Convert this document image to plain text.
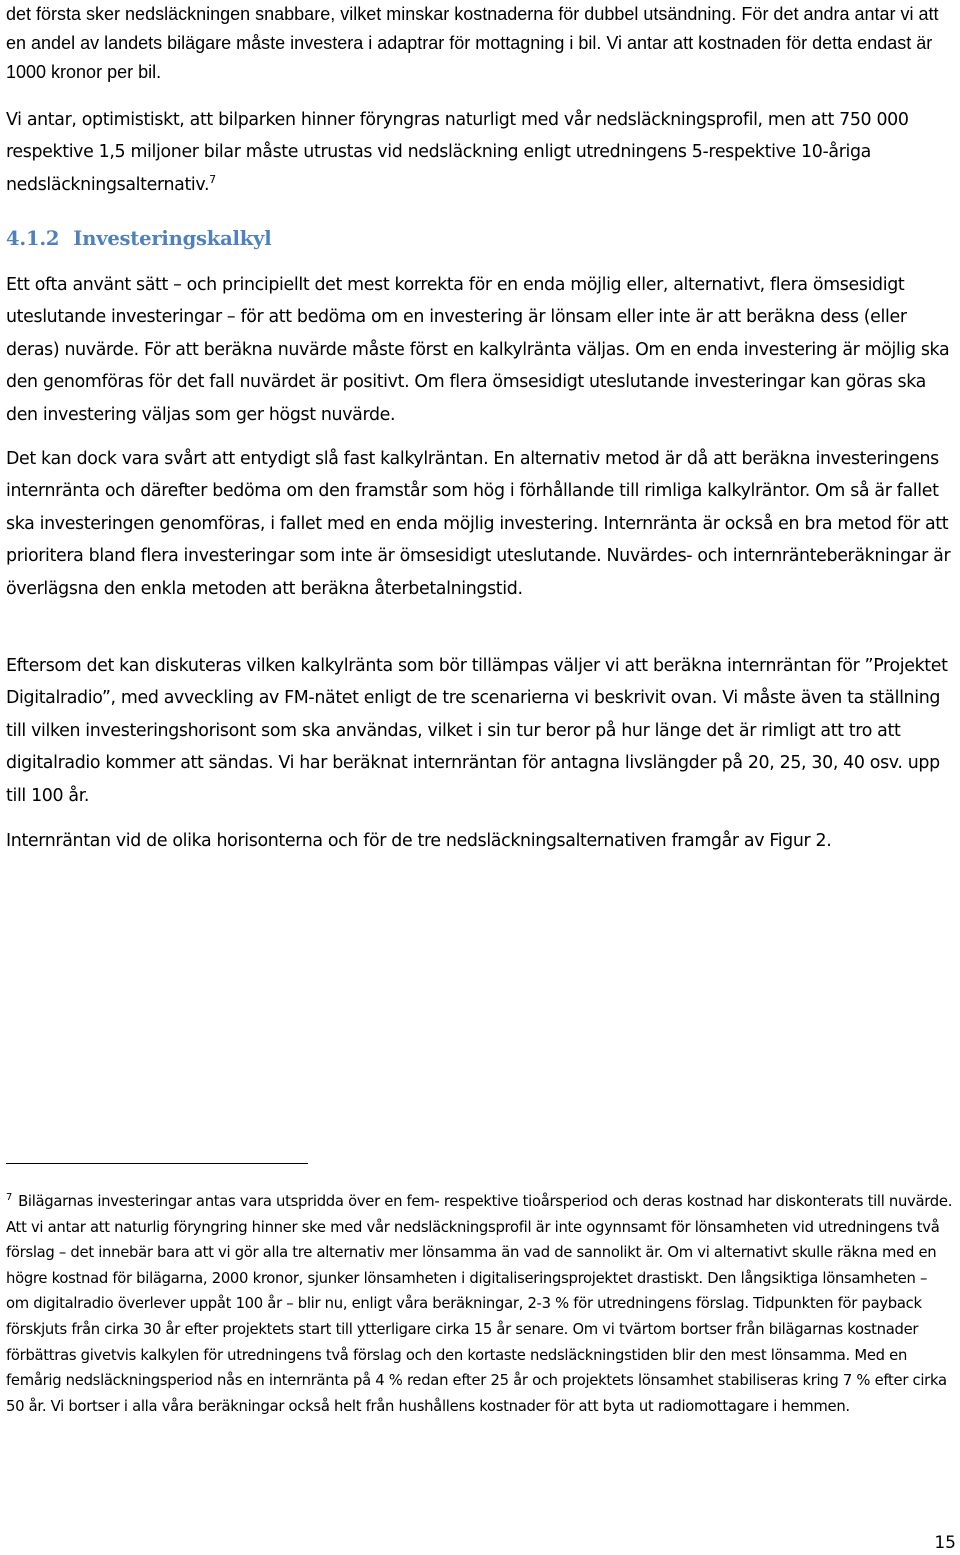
det första sker nedsläckningen snabbare, vilket minskar kostnaderna för dubbel utsändning. För det andra antar vi att en andel av landets bilägare måste investera i adaptrar för mottagning i bil. Vi antar att kostnaden för detta endast är 1000 kronor per bil.

Vi antar, optimistiskt, att bilparken hinner föryngras naturligt med vår nedsläckningsprofil, men att 750 000 respektive 1,5 miljoner bilar måste utrustas vid nedsläckning enligt utredningens 5-respektive 10-åriga nedsläckningsalternativ.$^7$

4.1.2 Investeringskalkyl

Ett ofta använt sätt – och principiellt det mest korrekta för en enda möjlig eller, alternativt, flera ömsesidigt uteslutande investeringar – för att bedöma om en investering är lönsam eller inte är att beräkna dess (eller deras) nuvärde. För att beräkna nuvärde måste först en kalkylränta väljas. Om en enda investering är möjlig ska den genomföras för det fall nuvärdet är positivt. Om flera ömsesidigt uteslutande investeringar kan göras ska den investering väljas som ger högst nuvärde.

Det kan dock vara svårt att entydigt slå fast kalkylräntan. En alternativ metod är då att beräkna investeringens internränta och därefter bedöma om den framstår som hög i förhållande till rimliga kalkylräntor. Om så är fallet ska investeringen genomföras, i fallet med en enda möjlig investering. Internränta är också en bra metod för att prioritera bland flera investeringar som inte är ömsesidigt uteslutande. Nuvärdes- och internränteberäkningar är överlägsna den enkla metoden att beräkna återbetalningstid.

Eftersom det kan diskuteras vilken kalkylränta som bör tillämpas väljer vi att beräkna internräntan för ”Projektet Digitalradio”, med avveckling av FM-nätet enligt de tre scenarierna vi beskrivit ovan. Vi måste även ta ställning till vilken investeringshorisont som ska användas, vilket i sin tur beror på hur länge det är rimligt att tro att digitalradio kommer att sändas. Vi har beräknat internräntan för antagna livslängder på 20, 25, 30, 40 osv. upp till 100 år.

Internräntan vid de olika horisonterna och för de tre nedsläckningsalternativen framgår av Figur 2.

$^7$ Bilägarnas investeringar antas vara utspridda över en fem- respektive tioårsperiod och deras kostnad har diskonterats till nuvärde. Att vi antar att naturlig föryngring hinner ske med vår nedsläckningsprofil är inte ogynnsamt för lönsamheten vid utredningens två förslag – det innebär bara att vi gör alla tre alternativ mer lönsamma än vad de sannolikt är. Om vi alternativt skulle räkna med en högre kostnad för bilägarna, 2000 kronor, sjunker lönsamheten i digitaliseringsprojektet drastiskt. Den långsiktiga lönsamheten – om digitalradio överlever uppåt 100 år – blir nu, enligt våra beräkningar, 2-3 % för utredningens förslag. Tidpunkten för payback förskjuts från cirka 30 år efter projektets start till ytterligare cirka 15 år senare. Om vi tvärtom bortser från bilägarnas kostnader förbättras givetvis kalkylen för utredningens två förslag och den kortaste nedsläckningstiden blir den mest lönsamma. Med en femårig nedsläckningsperiod nås en internränta på 4 % redan efter 25 år och projektets lönsamhet stabiliseras kring 7 % efter cirka 50 år. Vi bortser i alla våra beräkningar också helt från hushållens kostnader för att byta ut radiomottagare i hemmen.

15
